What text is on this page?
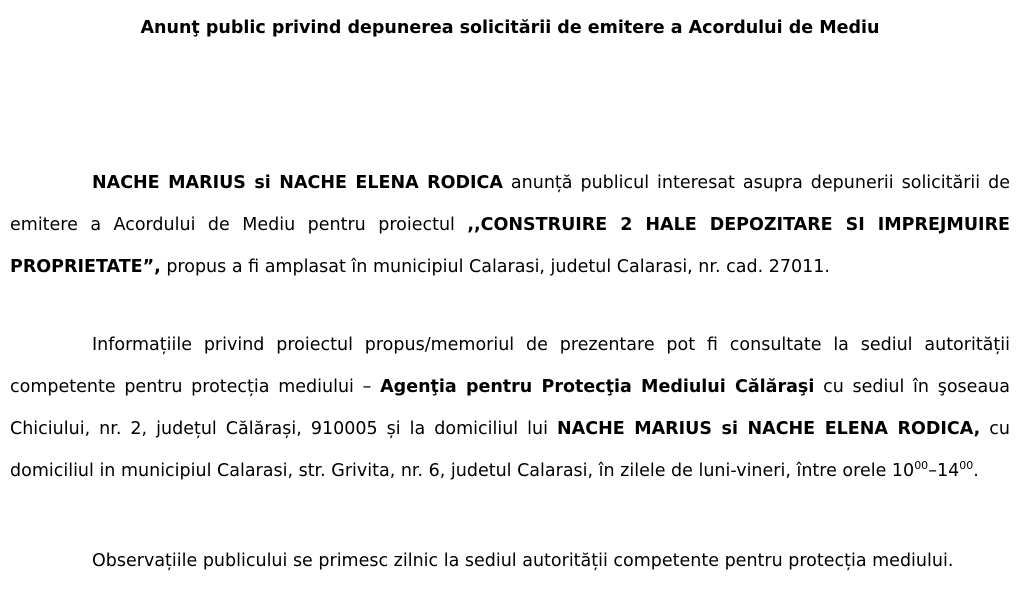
Anunţ public privind depunerea solicitării de emitere a Acordului de Mediu

NACHE MARIUS si NACHE ELENA RODICA anunță publicul interesat asupra depunerii solicitării de emitere a Acordului de Mediu pentru proiectul ,,CONSTRUIRE 2 HALE DEPOZITARE SI IMPREJMUIRE PROPRIETATE”, propus a fi amplasat în municipiul Calarasi, judetul Calarasi, nr. cad. 27011.

Informațiile privind proiectul propus/memoriul de prezentare pot fi consultate la sediul autorității competente pentru protecția mediului – Agenţia pentru Protecţia Mediului Călăraşi cu sediul în şoseaua Chiciului, nr. 2, județul Călărași, 910005 și la domiciliul lui NACHE MARIUS si NACHE ELENA RODICA, cu domiciliul in municipiul Calarasi, str. Grivita, nr. 6, judetul Calarasi, în zilele de luni-vineri, între orele $10^{00}-14^{00}$.

Observațiile publicului se primesc zilnic la sediul autorității competente pentru protecția mediului.
